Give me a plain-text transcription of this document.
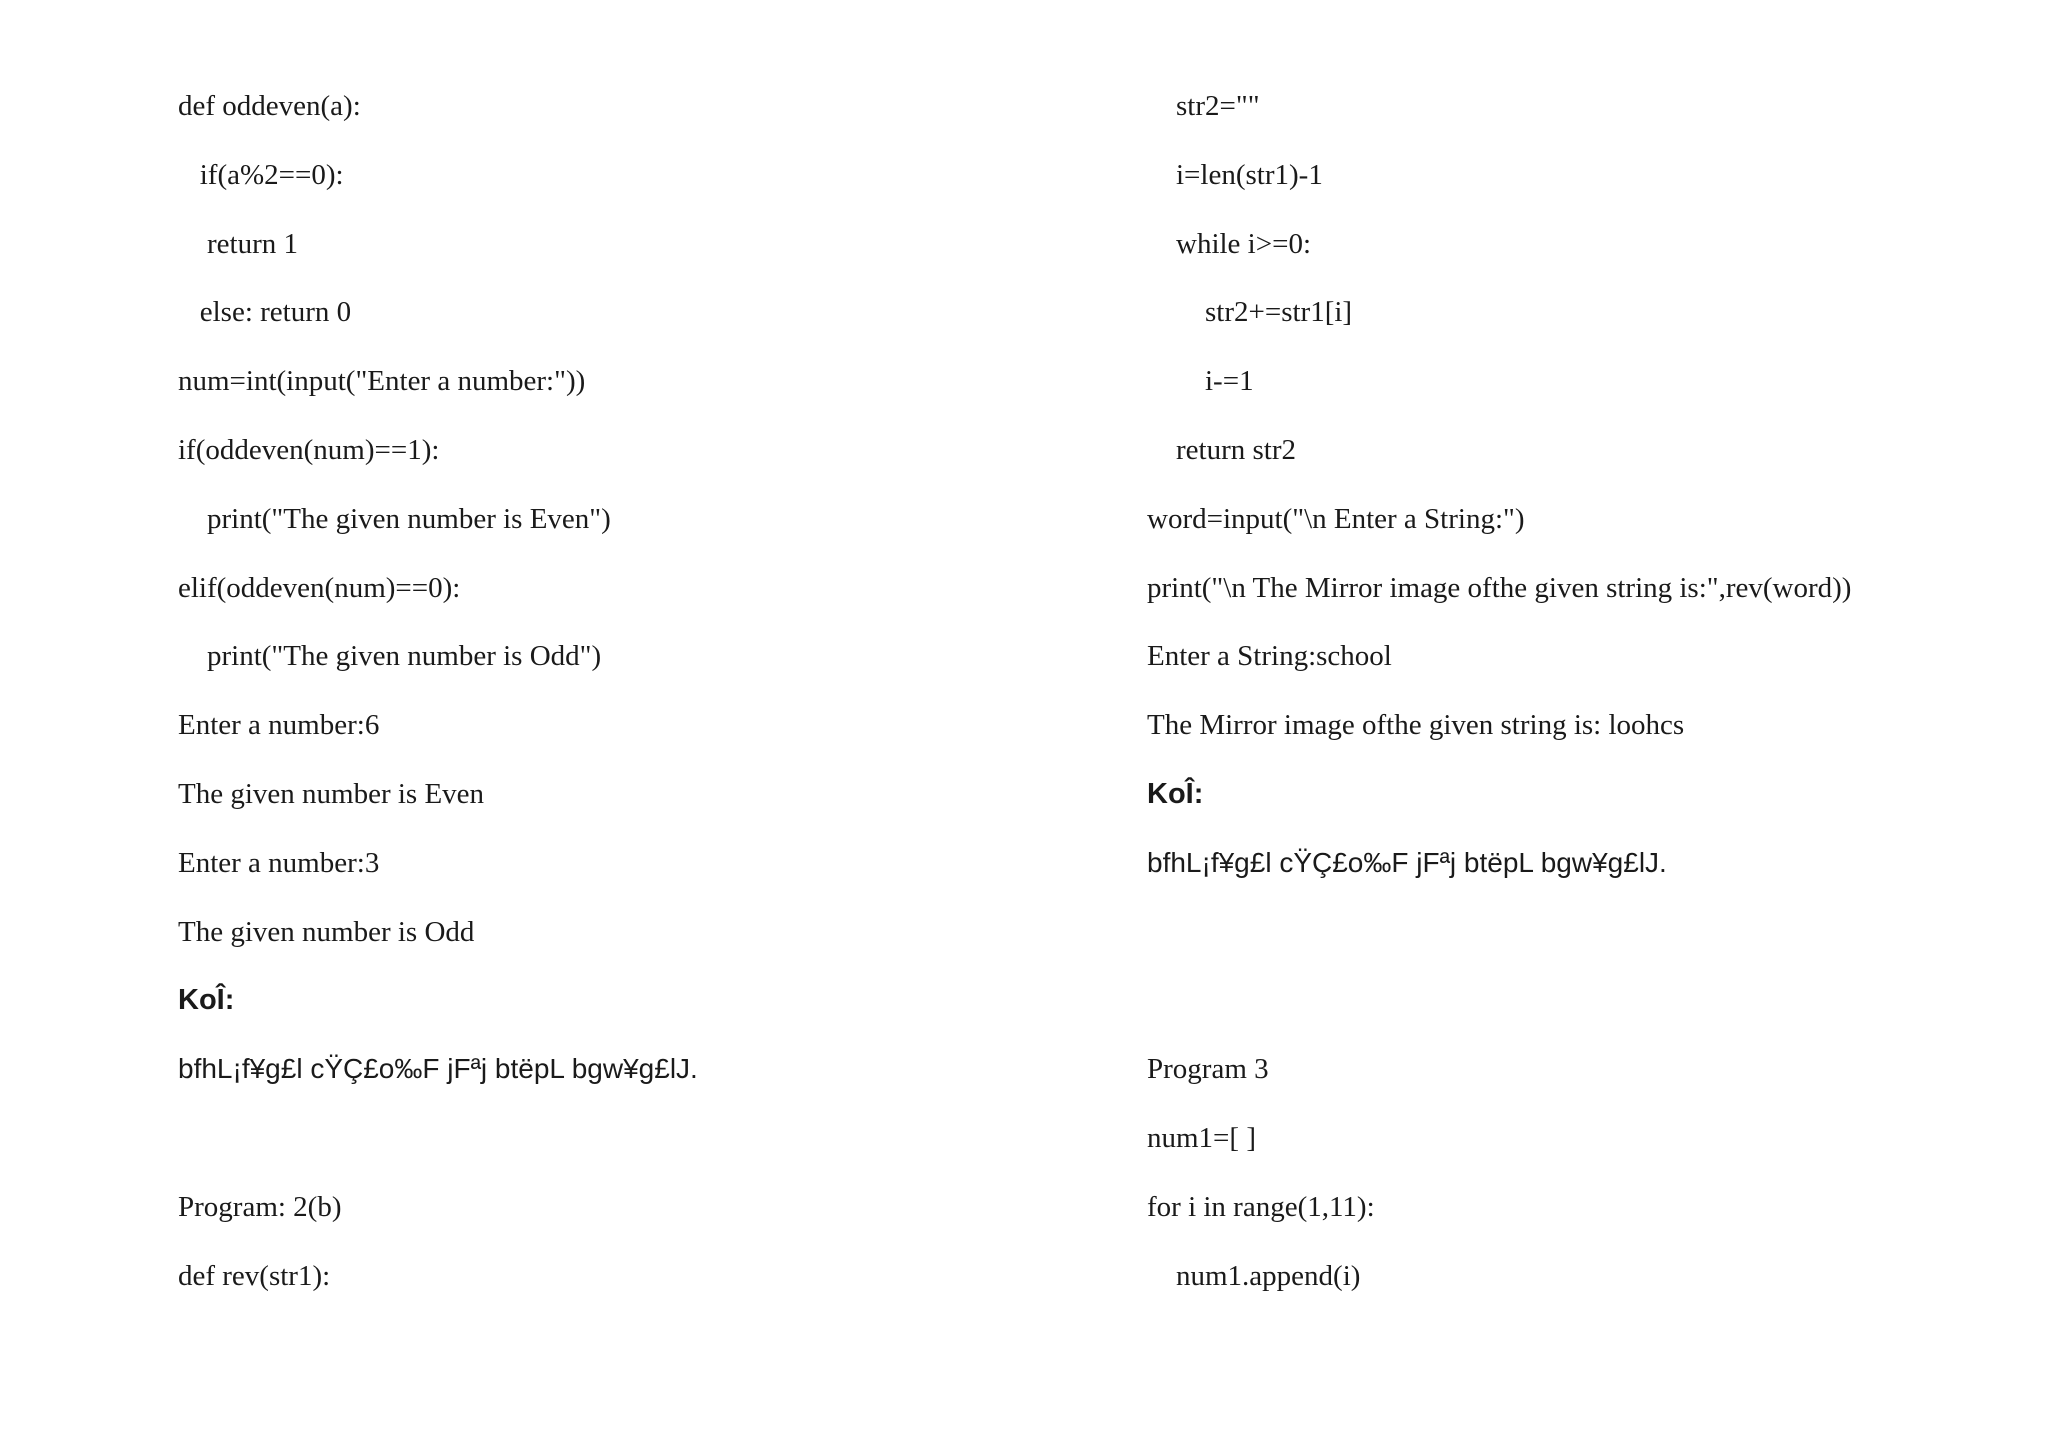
def oddeven(a):
if(a%2==0):
return 1
else: return 0
num=int(input("Enter a number:"))
if(oddeven(num)==1):
print("The given number is Even")
elif(oddeven(num)==0):
print("The given number is Odd")
Enter a number:6
The given number is Even
Enter a number:3
The given number is Odd
KoÎ:
bfhL¡f¥g£l cŸÇ£o‰F jFªj btëpL bgw¥g£lJ.
Program: 2(b)
def rev(str1):
str2=""
i=len(str1)-1
while i>=0:
str2+=str1[i]
i-=1
return str2
word=input("\n Enter a String:")
print("\n The Mirror image ofthe given string is:",rev(word))
Enter a String:school
The Mirror image ofthe given string is: loohcs
KoÎ:
bfhL¡f¥g£l cŸÇ£o‰F jFªj btëpL bgw¥g£lJ.
Program 3
num1=[ ]
for i in range(1,11):
num1.append(i)
